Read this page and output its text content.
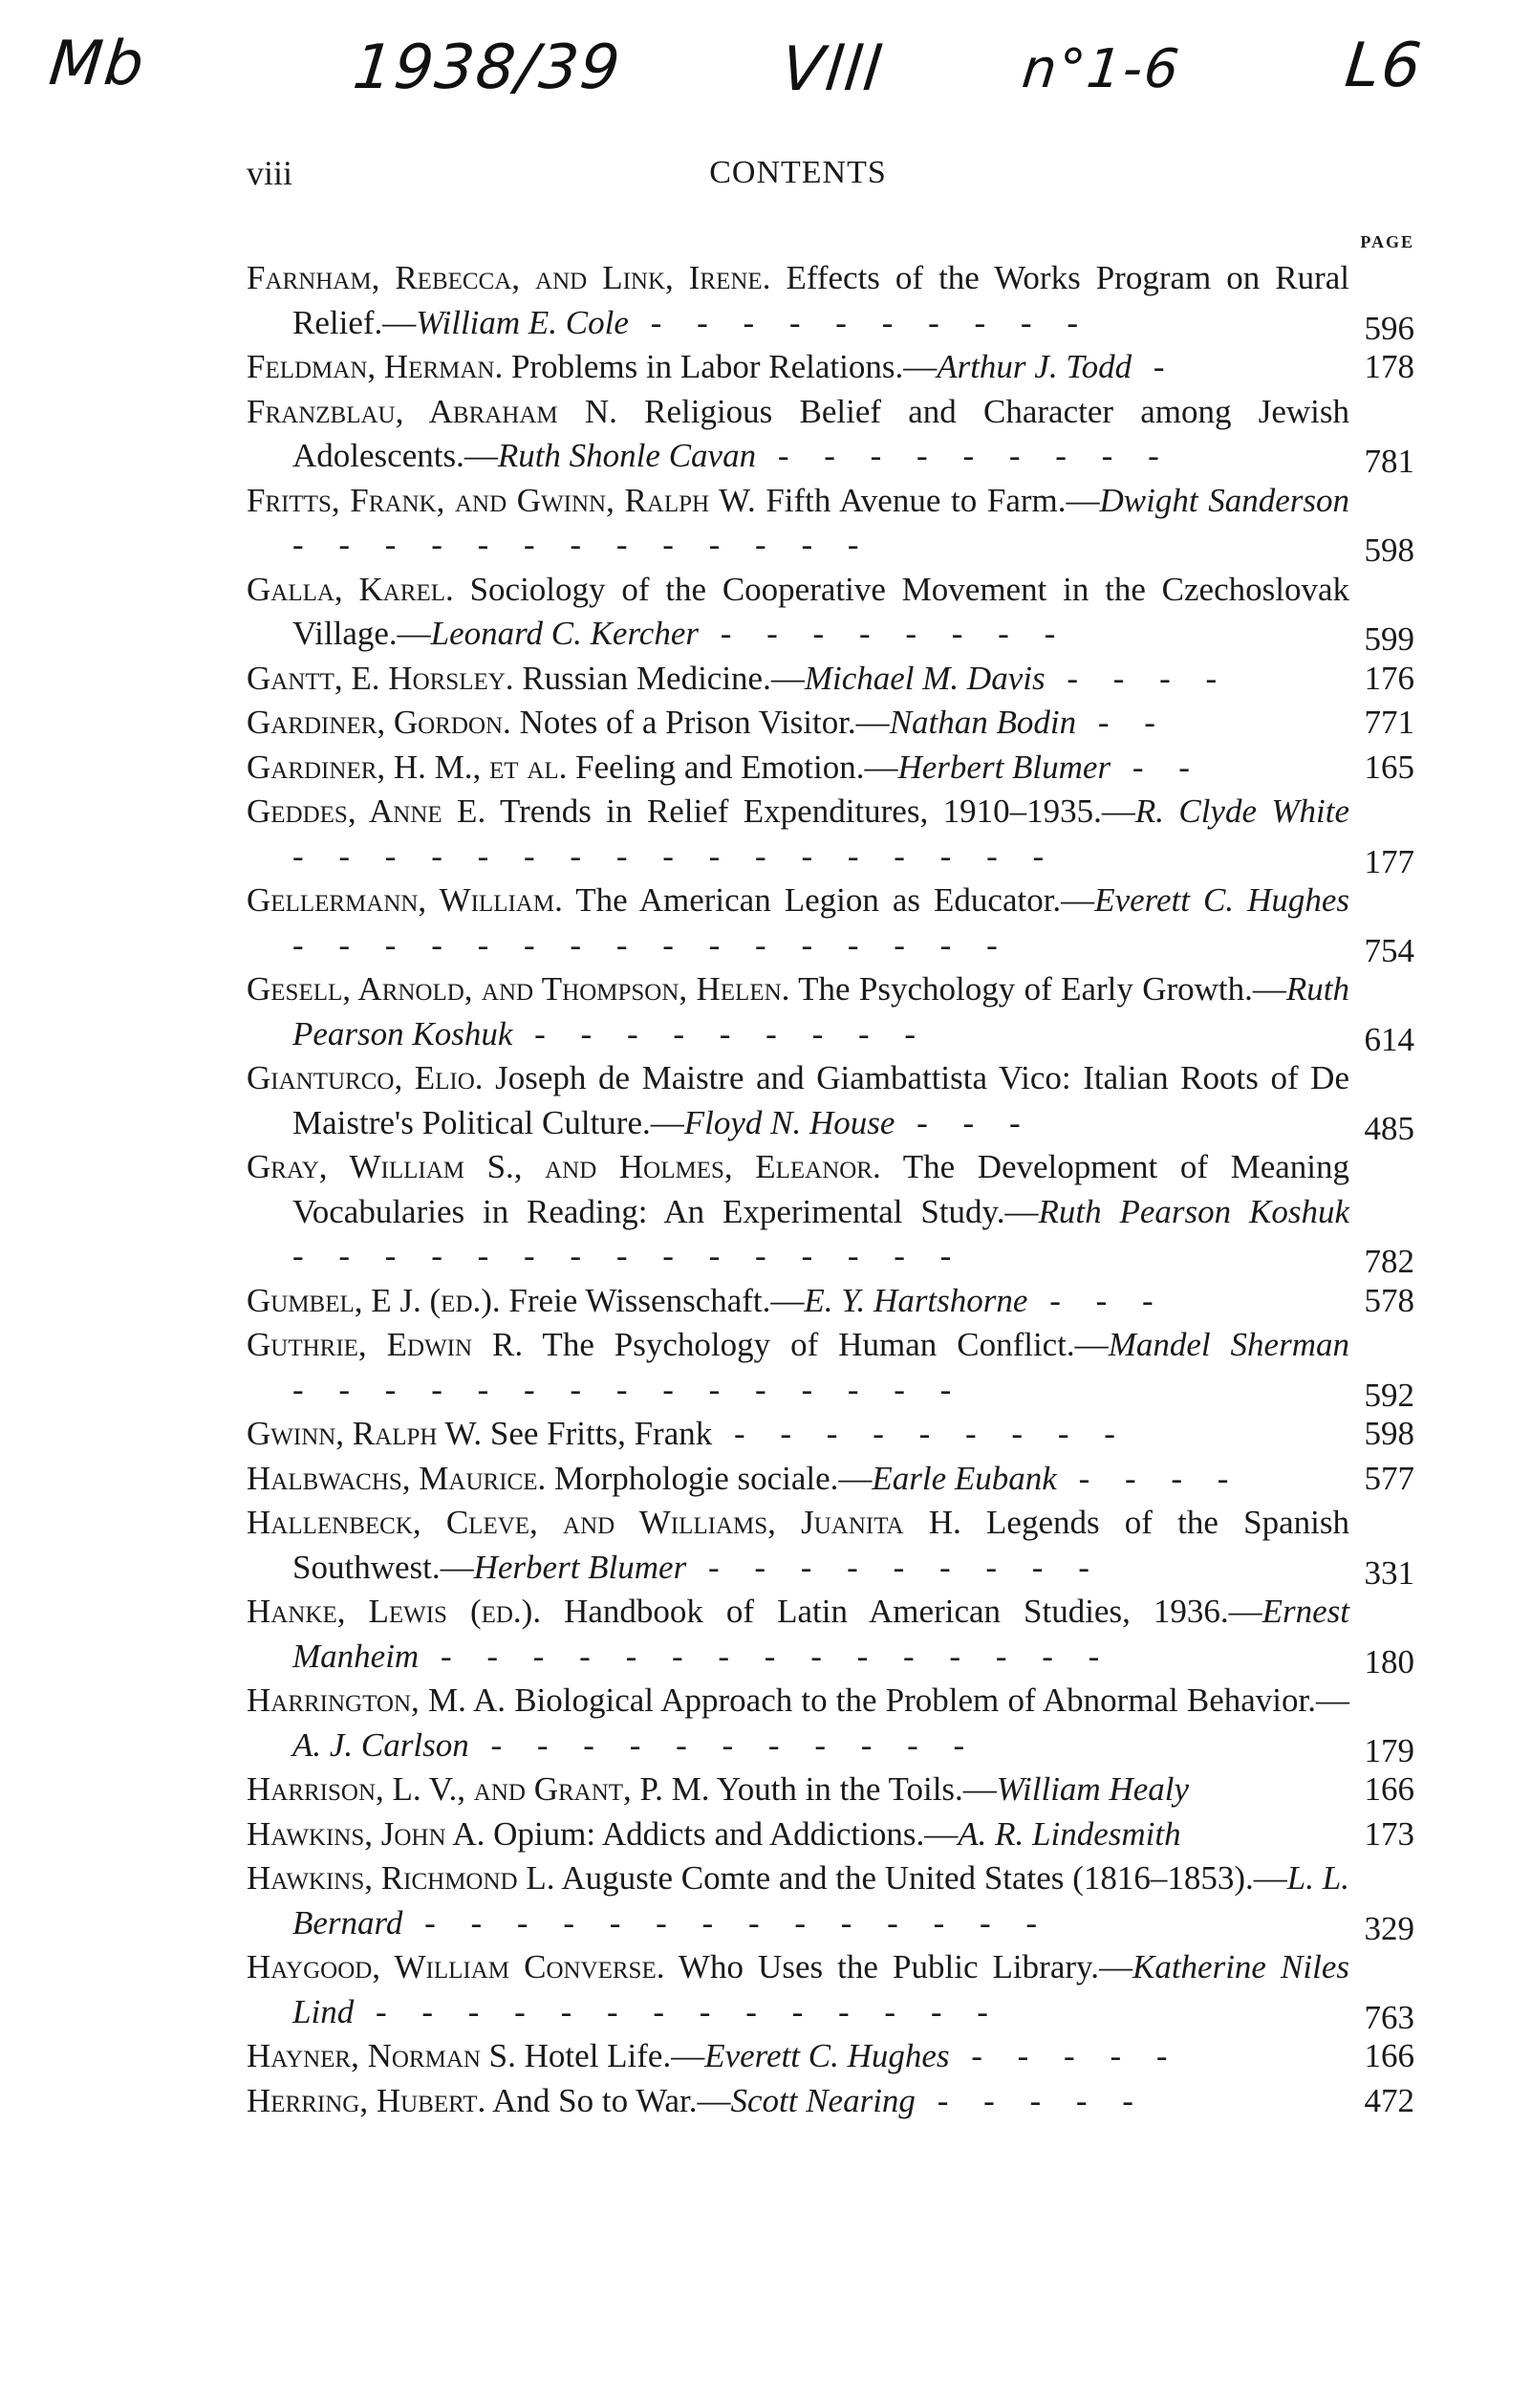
Mb	1938/39	Vlll n°1-6	L6
viii	CONTENTS
PAGE
Farnham, Rebecca, and Link, Irene. Effects of the Works Program on Rural Relief.—William E. Cole - - - - - - - - - -	596
Feldman, Herman. Problems in Labor Relations.—Arthur J. Todd -	178
Franzblau, Abraham N. Religious Belief and Character among Jewish Adolescents.—Ruth Shonle Cavan - - - - - - - - -	781
Fritts, Frank, and Gwinn, Ralph W. Fifth Avenue to Farm.—Dwight Sanderson - - - - - - - - - - - - -	598
Galla, Karel. Sociology of the Cooperative Movement in the Czechoslovak Village.—Leonard C. Kercher - - - - - - - -	599
Gantt, E. Horsley. Russian Medicine.—Michael M. Davis - - - -	176
Gardiner, Gordon. Notes of a Prison Visitor.—Nathan Bodin - -	771
Gardiner, H. M., et al. Feeling and Emotion.—Herbert Blumer - -	165
Geddes, Anne E. Trends in Relief Expenditures, 1910–1935.—R. Clyde White - - - - - - - - - - - - - - - - -	177
Gellermann, William. The American Legion as Educator.—Everett C. Hughes - - - - - - - - - - - - - - - -	754
Gesell, Arnold, and Thompson, Helen. The Psychology of Early Growth.—Ruth Pearson Koshuk - - - - - - - - -	614
Gianturco, Elio. Joseph de Maistre and Giambattista Vico: Italian Roots of De Maistre's Political Culture.—Floyd N. House - - -	485
Gray, William S., and Holmes, Eleanor. The Development of Meaning Vocabularies in Reading: An Experimental Study.—Ruth Pearson Koshuk - - - - - - - - - - - - - - -	782
Gumbel, E J. (ed.). Freie Wissenschaft.—E. Y. Hartshorne - - -	578
Guthrie, Edwin R. The Psychology of Human Conflict.—Mandel Sherman - - - - - - - - - - - - - - -	592
Gwinn, Ralph W. See Fritts, Frank - - - - - - - - -	598
Halbwachs, Maurice. Morphologie sociale.—Earle Eubank - - - -	577
Hallenbeck, Cleve, and Williams, Juanita H. Legends of the Spanish Southwest.—Herbert Blumer - - - - - - - - -	331
Hanke, Lewis (ed.). Handbook of Latin American Studies, 1936.—Ernest Manheim - - - - - - - - - - - - - - -	180
Harrington, M. A. Biological Approach to the Problem of Abnormal Behavior.—A. J. Carlson - - - - - - - - - - -	179
Harrison, L. V., and Grant, P. M. Youth in the Toils.—William Healy	166
Hawkins, John A. Opium: Addicts and Addictions.—A. R. Lindesmith	173
Hawkins, Richmond L. Auguste Comte and the United States (1816–1853).—L. L. Bernard - - - - - - - - - - - - - -	329
Haygood, William Converse. Who Uses the Public Library.—Katherine Niles Lind - - - - - - - - - - - - - -	763
Hayner, Norman S. Hotel Life.—Everett C. Hughes - - - - -	166
Herring, Hubert. And So to War.—Scott Nearing - - - - -	472
